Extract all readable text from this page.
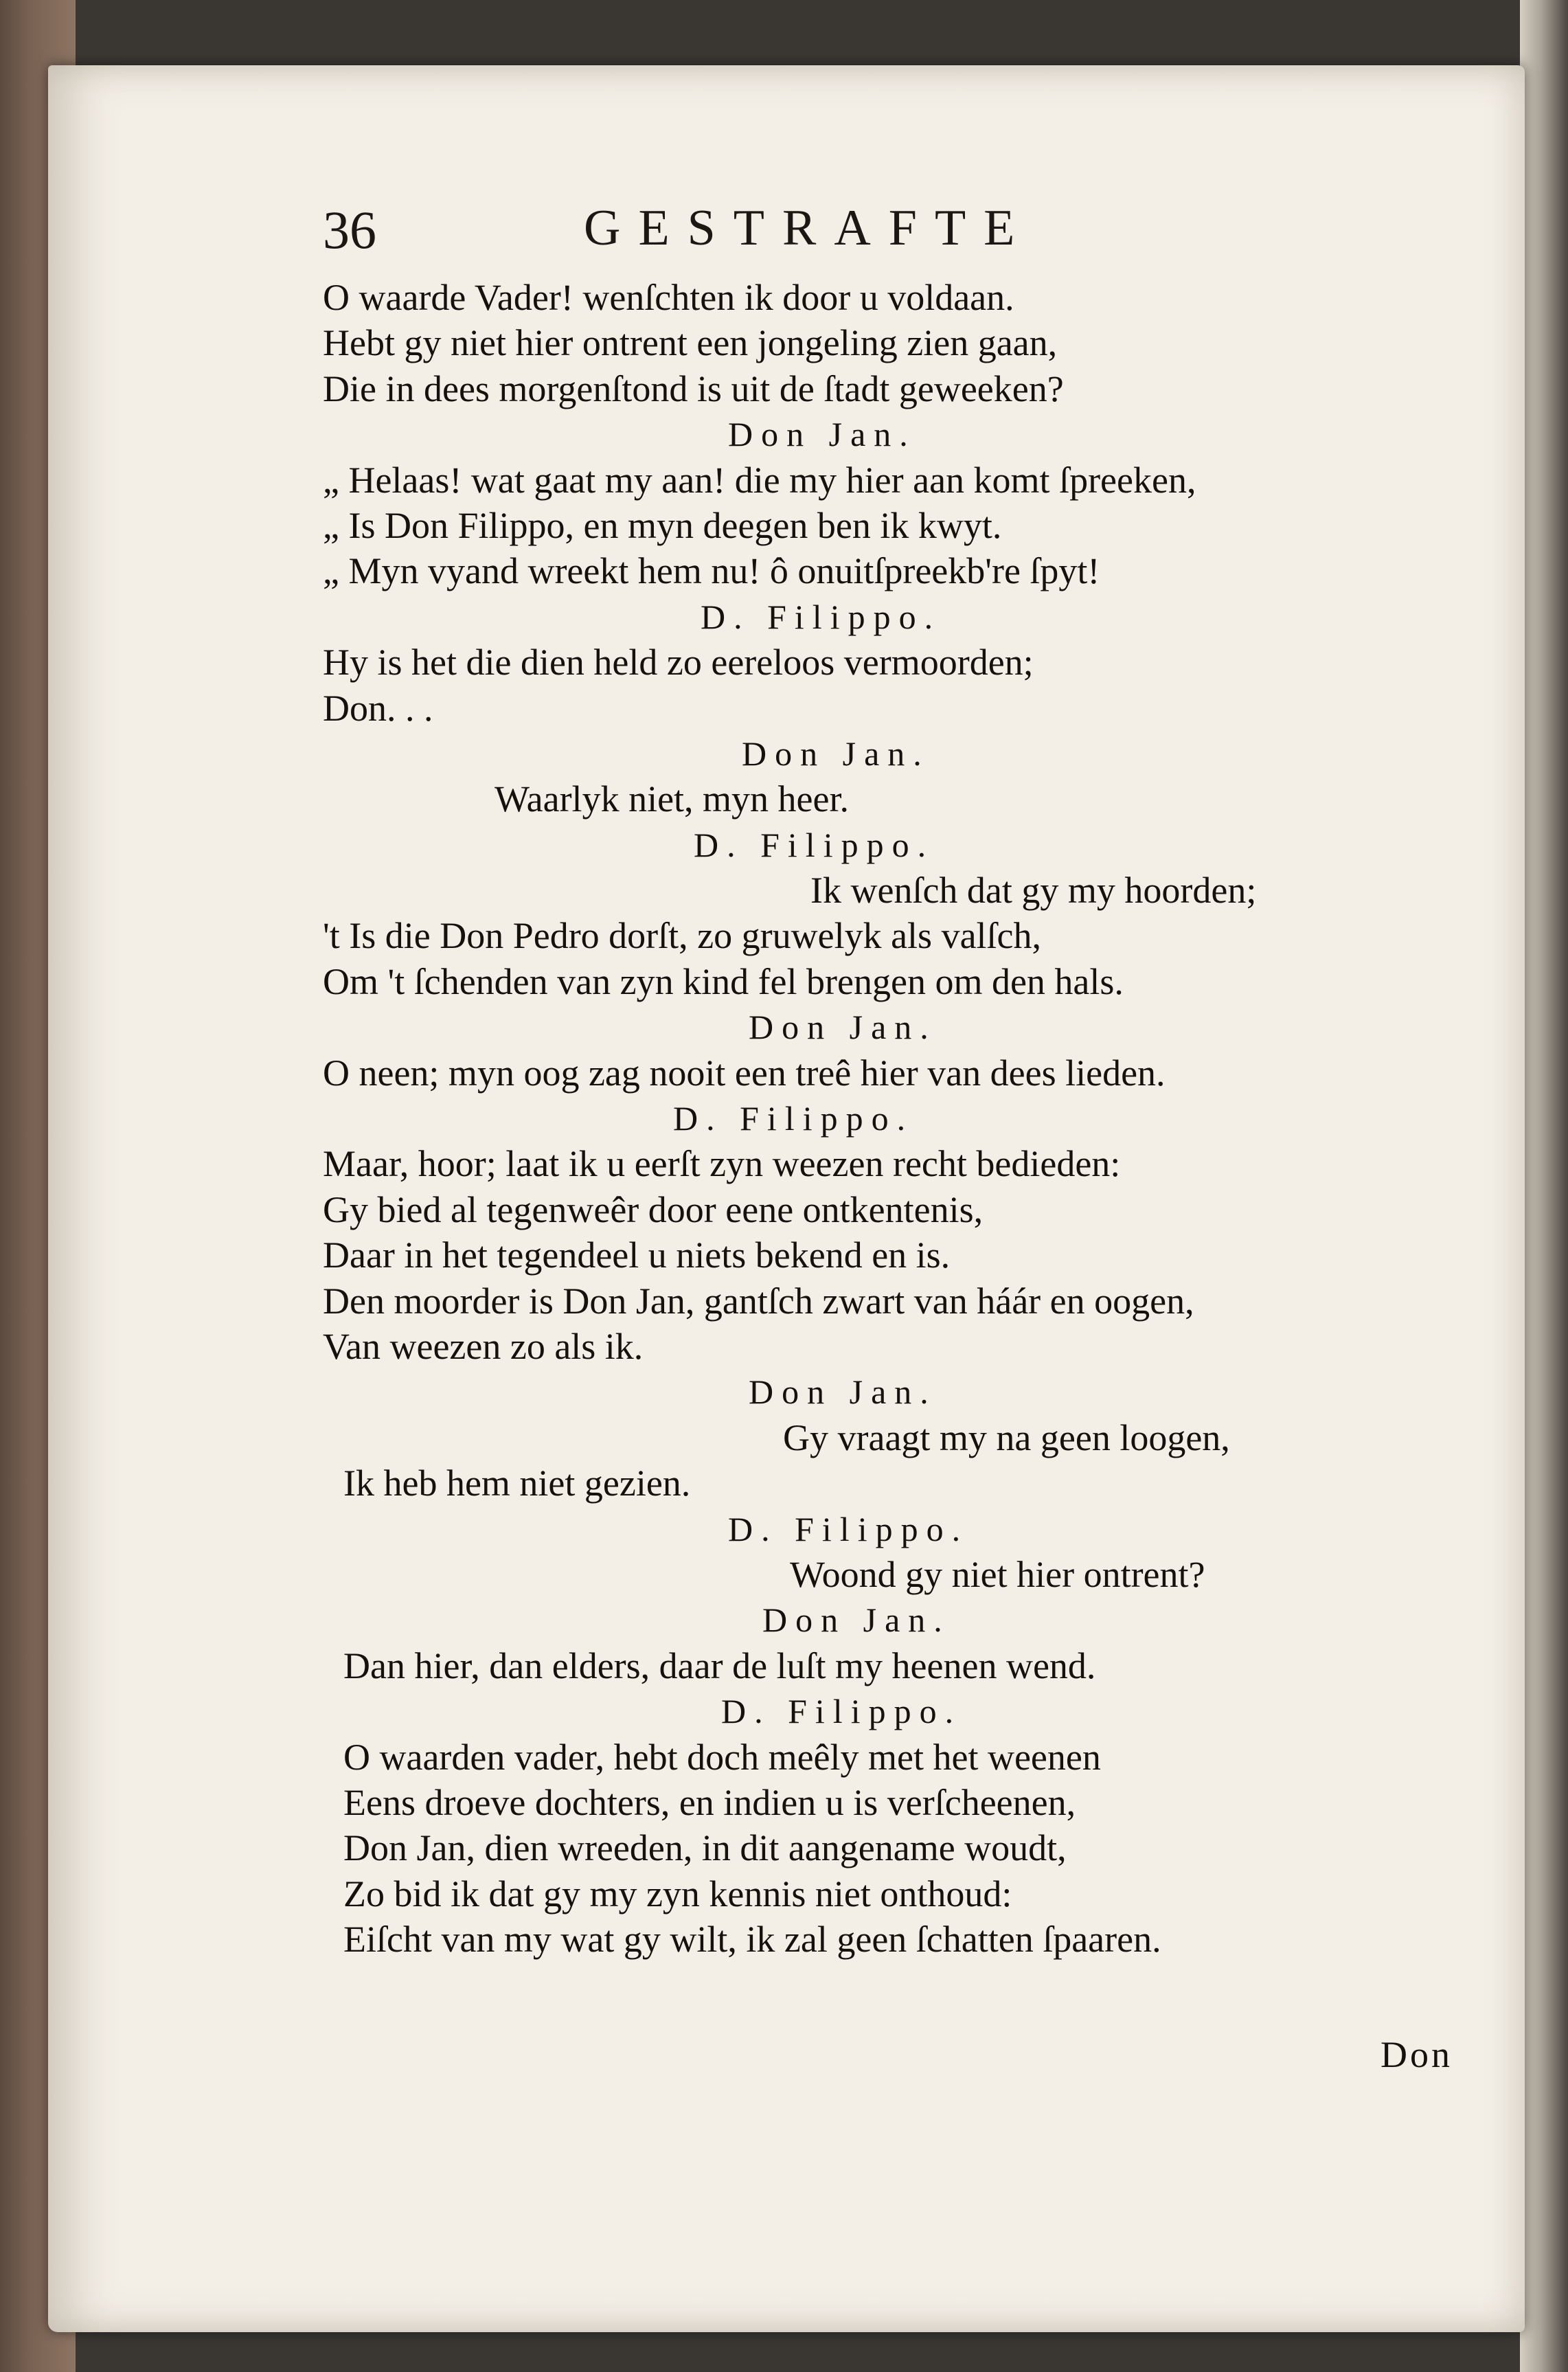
36	GESTRAFTE
O waarde Vader! wenſchten ik door u voldaan.
Hebt gy niet hier ontrent een jongeling zien gaan,
Die in dees morgenſtond is uit de ſtadt geweeken?
Don Jan.
„ Helaas! wat gaat my aan! die my hier aan komt ſpreeken,
„ Is Don Filippo, en myn deegen ben ik kwyt.
„ Myn vyand wreekt hem nu! ô onuitſpreekb're ſpyt!
D. Filippo.
Hy is het die dien held zo eereloos vermoorden;
Don. . .
Don Jan.
Waarlyk niet, myn heer.
D. Filippo.
Ik wenſch dat gy my hoorden;
't Is die Don Pedro dorſt, zo gruwelyk als valſch,
Om 't ſchenden van zyn kind fel brengen om den hals.
Don Jan.
O neen; myn oog zag nooit een treê hier van dees lieden.
D. Filippo.
Maar, hoor; laat ik u eerſt zyn weezen recht bedieden:
Gy bied al tegenweêr door eene ontkentenis,
Daar in het tegendeel u niets bekend en is.
Den moorder is Don Jan, gantſch zwart van háár en oogen,
Van weezen zo als ik.
Don Jan.
Gy vraagt my na geen loogen,
Ik heb hem niet gezien.
D. Filippo.
Woond gy niet hier ontrent?
Don Jan.
Dan hier, dan elders, daar de luſt my heenen wend.
D. Filippo.
O waarden vader, hebt doch meêly met het weenen
Eens droeve dochters, en indien u is verſcheenen,
Don Jan, dien wreeden, in dit aangename woudt,
Zo bid ik dat gy my zyn kennis niet onthoud:
Eiſcht van my wat gy wilt, ik zal geen ſchatten ſpaaren.
Don
